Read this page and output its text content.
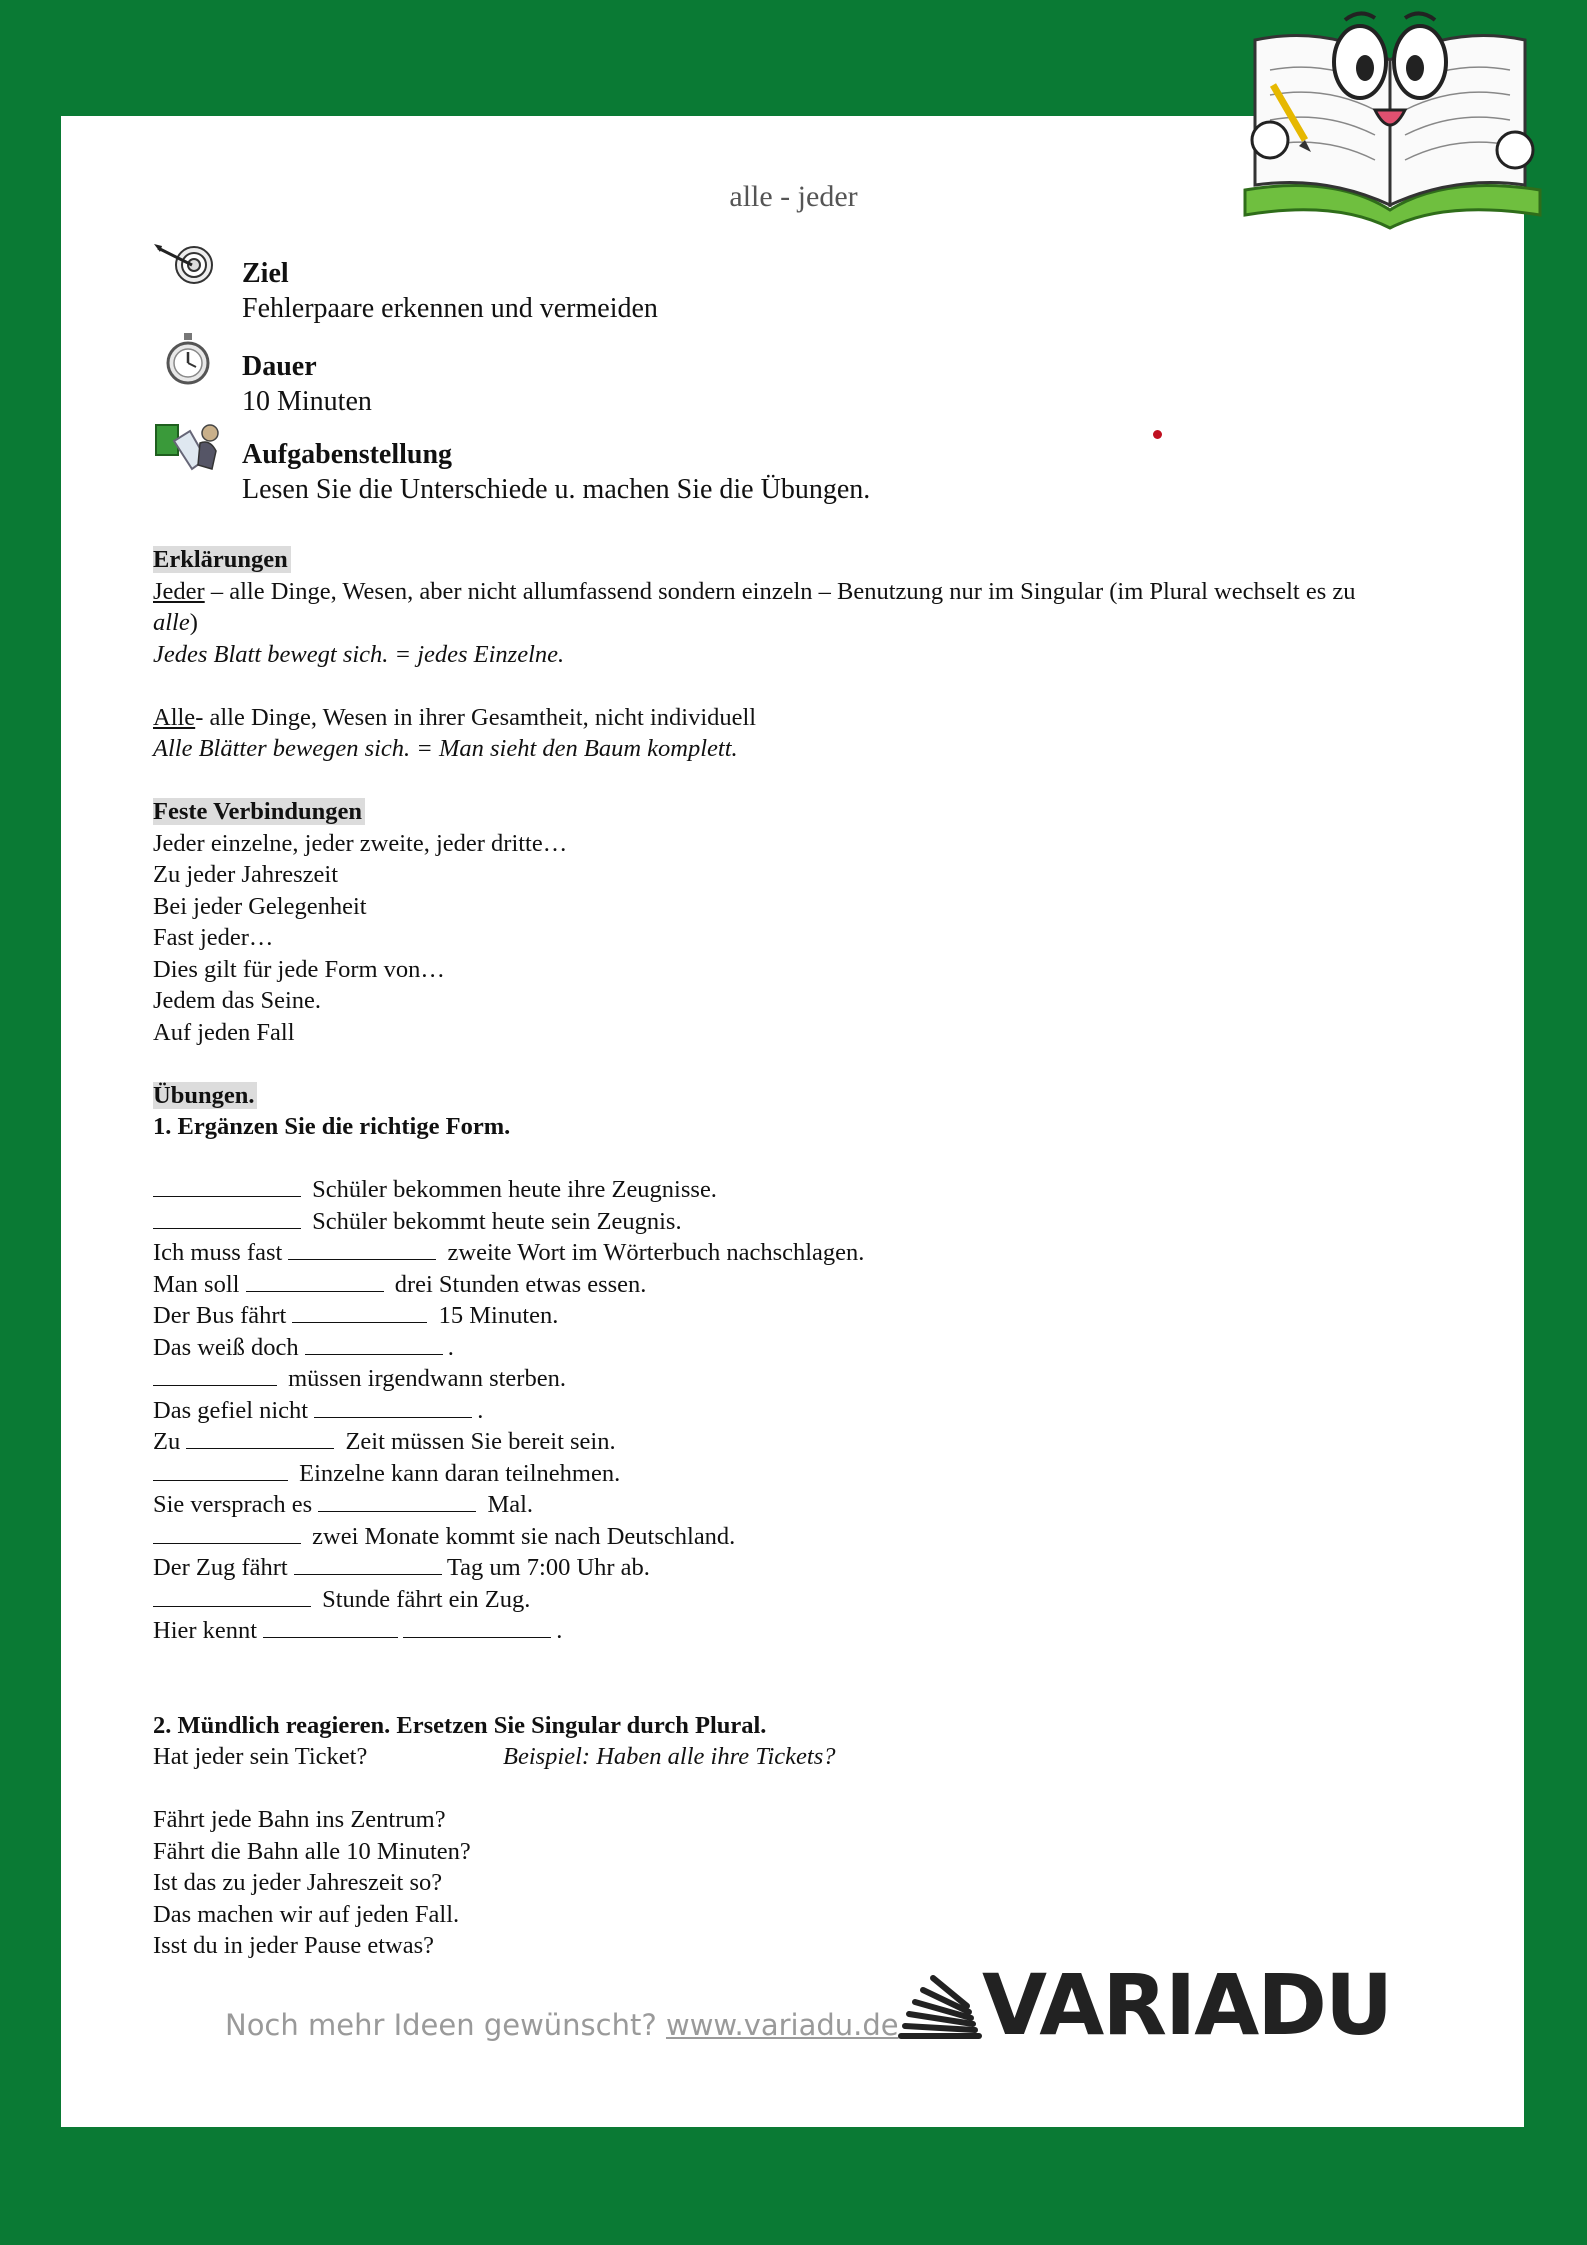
alle - jeder
Ziel
Fehlerpaare erkennen und vermeiden
Dauer
10 Minuten
Aufgabenstellung
Lesen Sie die Unterschiede u. machen Sie die Übungen.

Erklärungen

Jeder – alle Dinge, Wesen, aber nicht allumfassend sondern einzeln – Benutzung nur im Singular (im Plural wechselt es zu alle)

Jedes Blatt bewegt sich. = jedes Einzelne.

Alle- alle Dinge, Wesen in ihrer Gesamtheit, nicht individuell

Alle Blätter bewegen sich. = Man sieht den Baum komplett.

Feste Verbindungen

Jeder einzelne, jeder zweite, jeder dritte…

Zu jeder Jahreszeit

Bei jeder Gelegenheit

Fast jeder…

Dies gilt für jede Form von…

Jedem das Seine.

Auf jeden Fall

Übungen.

1. Ergänzen Sie die richtige Form.

Schüler bekommen heute ihre Zeugnisse.

Schüler bekommt heute sein Zeugnis.

Ich muss fast	zweite Wort im Wörterbuch nachschlagen.

Man soll	drei Stunden etwas essen.

Der Bus fährt	15 Minuten.

Das weiß doch	.

müssen irgendwann sterben.

Das gefiel nicht	.

Zu	Zeit müssen Sie bereit sein.

Einzelne kann daran teilnehmen.

Sie versprach es	Mal.

zwei Monate kommt sie nach Deutschland.

Der Zug fährt	Tag um 7:00 Uhr ab.

Stunde fährt ein Zug.

Hier kennt	.

2. Mündlich reagieren. Ersetzen Sie Singular durch Plural.

Hat jeder sein Ticket?	Beispiel: Haben alle ihre Tickets?

Fährt jede Bahn ins Zentrum?

Fährt die Bahn alle 10 Minuten?

Ist das zu jeder Jahreszeit so?

Das machen wir auf jeden Fall.

Isst du in jeder Pause etwas?

Noch mehr Ideen gewünscht? www.variadu.de VARIADU
